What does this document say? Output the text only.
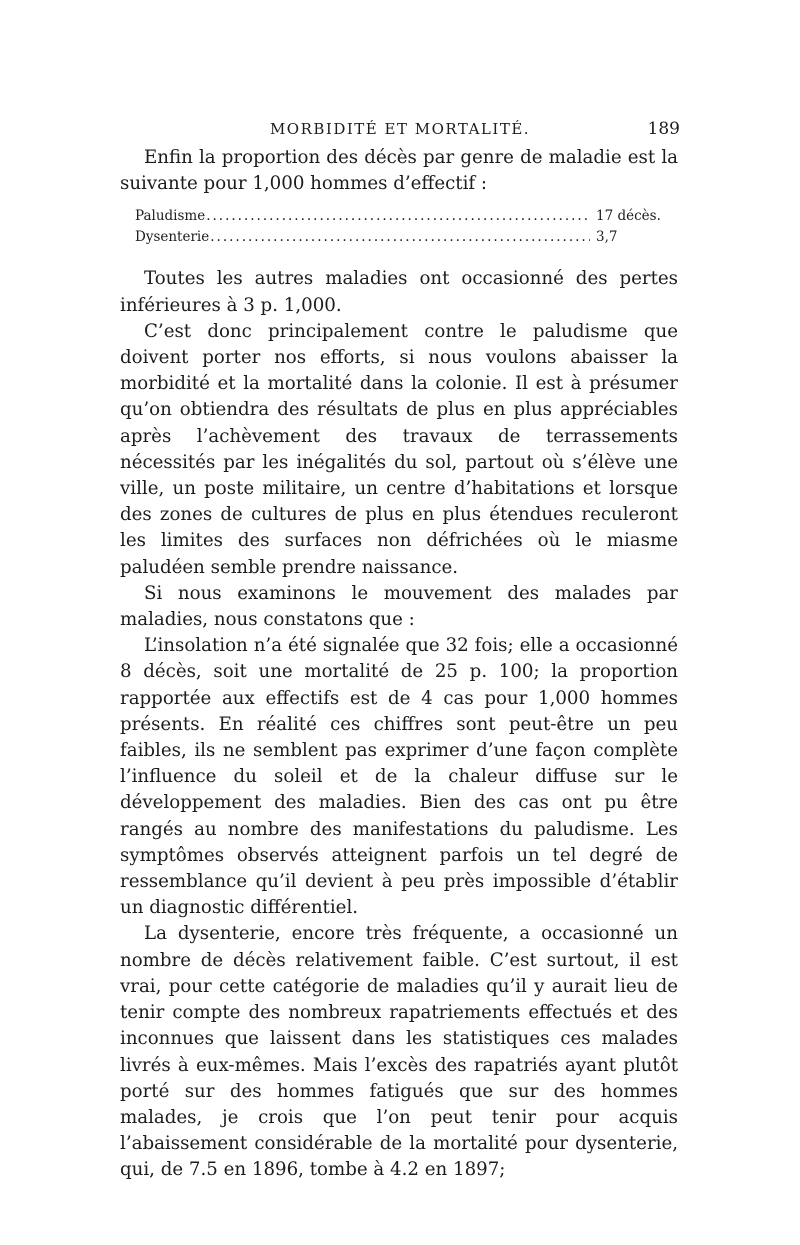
MORBIDITÉ ET MORTALITÉ.	189

Enfin la proportion des décès par genre de maladie est la suivante pour 1,000 hommes d’effectif :

Paludisme .....	17 décès.
Dysenterie .....	3,7

Toutes les autres maladies ont occasionné des pertes inférieures à 3 p. 1,000.

C’est donc principalement contre le paludisme que doivent porter nos efforts, si nous voulons abaisser la morbidité et la mortalité dans la colonie. Il est à présumer qu’on obtiendra des résultats de plus en plus appréciables après l’achèvement des travaux de terrassements nécessités par les inégalités du sol, partout où s’élève une ville, un poste militaire, un centre d’habitations et lorsque des zones de cultures de plus en plus étendues reculeront les limites des surfaces non défrichées où le miasme paludéen semble prendre naissance.

Si nous examinons le mouvement des malades par maladies, nous constatons que :

L’insolation n’a été signalée que 32 fois; elle a occasionné 8 décès, soit une mortalité de 25 p. 100; la proportion rapportée aux effectifs est de 4 cas pour 1,000 hommes présents. En réalité ces chiffres sont peut-être un peu faibles, ils ne semblent pas exprimer d’une façon complète l’influence du soleil et de la chaleur diffuse sur le développement des maladies. Bien des cas ont pu être rangés au nombre des manifestations du paludisme. Les symptômes observés atteignent parfois un tel degré de ressemblance qu’il devient à peu près impossible d’établir un diagnostic différentiel.

La dysenterie, encore très fréquente, a occasionné un nombre de décès relativement faible. C’est surtout, il est vrai, pour cette catégorie de maladies qu’il y aurait lieu de tenir compte des nombreux rapatriements effectués et des inconnues que laissent dans les statistiques ces malades livrés à eux-mêmes. Mais l’excès des rapatriés ayant plutôt porté sur des hommes fatigués que sur des hommes malades, je crois que l’on peut tenir pour acquis l’abaissement considérable de la mortalité pour dysenterie, qui, de 7.5 en 1896, tombe à 4.2 en 1897;
